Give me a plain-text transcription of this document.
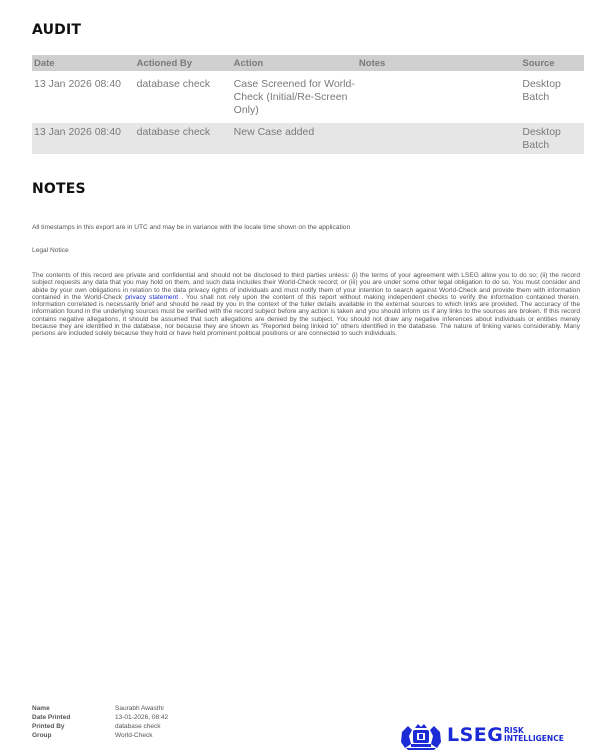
AUDIT
Date	Actioned By	Action	Notes	Source
13 Jan 2026 08:40	database check	Case Screened for World-Check (Initial/Re-Screen Only)		Desktop Batch
13 Jan 2026 08:40	database check	New Case added		Desktop Batch
NOTES
All timestamps in this export are in UTC and may be in variance with the locale time shown on the application
Legal Notice
The contents of this record are private and confidential and should not be disclosed to third parties unless: (i) the terms of your agreement with LSEG allow you to do so; (ii) the record subject requests any data that you may hold on them, and such data includes their World-Check record; or (iii) you are under some other legal obligation to do so. You must consider and abide by your own obligations in relation to the data privacy rights of individuals and must notify them of your intention to search against World-Check and provide them with information contained in the World-Check privacy statement . You shall not rely upon the content of this report without making independent checks to verify the information contained therein. Information correlated is necessarily brief and should be read by you in the context of the fuller details available in the external sources to which links are provided. The accuracy of the information found in the underlying sources must be verified with the record subject before any action is taken and you should inform us if any links to the sources are broken. If this record contains negative allegations, it should be assumed that such allegations are denied by the subject. You should not draw any negative inferences about individuals or entities merely because they are identified in the database, nor because they are shown as "Reported being linked to" others identified in the database. The nature of linking varies considerably. Many persons are included solely because they hold or have held prominent political positions or are connected to such individuals.
Name	Saurabh Awasthi
Date Printed	13-01-2026, 08:42
Printed By	database check
Group	World-Check	LSEG RISK
INTELLIGENCE
